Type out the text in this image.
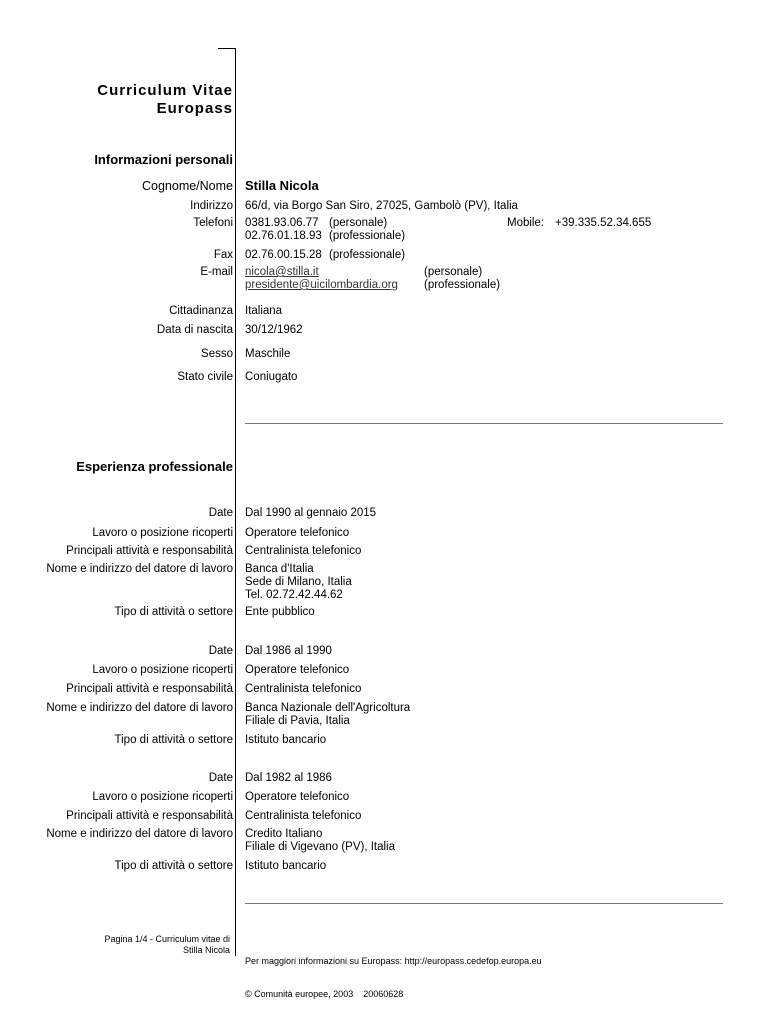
Curriculum Vitae
Europass
Informazioni personali
Cognome/Nome Stilla Nicola
Indirizzo 66/d, via Borgo San Siro, 27025, Gambolò (PV), Italia
Telefoni 0381.93.06.77 (personale)
02.76.01.18.93 (professionale)
Mobile: +39.335.52.34.655
Fax 02.76.00.15.28 (professionale)
E-mail nicola@stilla.it	(personale)
presidente@uicilombardia.org (professionale)
Cittadinanza Italiana
Data di nascita 30/12/1962
Sesso Maschile
Stato civile Coniugato
Esperienza professionale
Date Dal 1990 al gennaio 2015
Lavoro o posizione ricoperti Operatore telefonico
Principali attività e responsabilità Centralinista telefonico
Nome e indirizzo del datore di lavoro Banca d'Italia
Sede di Milano, Italia
Tel. 02.72.42.44.62
Tipo di attività o settore Ente pubblico
Date Dal 1986 al 1990
Lavoro o posizione ricoperti Operatore telefonico
Principali attività e responsabilità Centralinista telefonico
Nome e indirizzo del datore di lavoro Banca Nazionale dell'Agricoltura
Filiale di Pavia, Italia
Tipo di attività o settore Istituto bancario
Date Dal 1982 al 1986
Lavoro o posizione ricoperti Operatore telefonico
Principali attività e responsabilità Centralinista telefonico
Nome e indirizzo del datore di lavoro Credito Italiano
Filiale di Vigevano (PV), Italia
Tipo di attività o settore Istituto bancario
Pagina 1/4 - Curriculum vitae di
Stilla Nicola

Per maggiori informazioni su Europass: http://europass.cedefop.europa.eu

© Comunità europee, 2003    20060628
